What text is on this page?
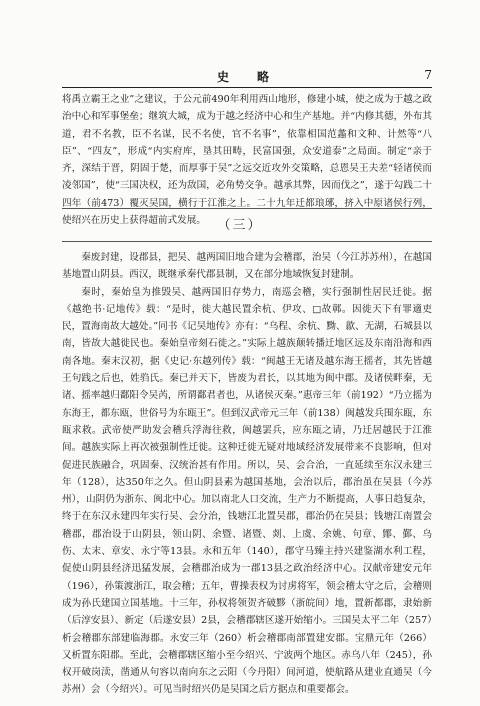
史　略	7

将禹立霸王之业”之建议，于公元前490年利用西山地形，修建小城，使之成为于越之政治中心和军事堡垒；继筑大城，成为于越之经济中心和生产基地。并“内修其德，外布其道，君不名教，臣不名谋，民不名使，官不名事”，依靠相国范蠡和文种、计然等“八臣”、“四友”，形成“内实府库，垦其田畴，民富国强，众安道泰”之局面。制定“亲于齐，深结于晋，阴固于楚，而厚事于吴”之远交近攻外交策略，总恩吴王夫差“轻诸侯而凌邻国”，使“三国决权，还为敌国，必角势交争。越承其弊，因而伐之”，遂于勾践二十四年（前473）覆灭吴国，横行于江淮之上。二十九年迁都琅琊，挤入中原诸侯行列，使绍兴在历史上获得超前式发展。 （三）

秦废封建，设郡县，把吴、越两国旧地合建为会稽郡，治吴（今江苏苏州），在越国基地置山阴县。西汉，既继承秦代郡县制，又在部分地域恢复封建制。

秦时，秦始皇为推毁吴、越两国旧存势力，南巡会稽，实行强制性居民迁徙。据《越绝书·记地传》载：“是时，徙大越民置余杭、伊攻、□故鄣。因徙天下有罪適吏民，置海南故大越处。”同书《记吴地传》亦有：“乌程、余杭、黝、歙、无湖，石城县以南，皆故大越徙民也。秦始皇帝刻石徙之。”实际上越族颠转播迁地区远及东南沿海和西南各地。秦末汉初，据《史记·东越列传》载：“闽越王无诸及越东海王摇者，其先皆越王句践之后也，姓驺氏。秦已并天下，皆废为君长，以其地为闽中郡。及诸侯畔秦，无诸、摇率越归鄱阳令吴芮，所谓鄱君者也，从诸侯灭秦。”惠帝三年（前192）“乃立摇为东海王，都东瓯，世俗号为东瓯王”。但到汉武帝元三年（前138）闽越发兵围东瓯，东瓯求救。武帝使严助发会稽兵浮海往救，闽越罢兵，应东瓯之请，乃迁居越民于江淮间。越族实际上再次被强制性迁徙。这种迁徙无疑对地域经济发展带来不良影响，但对促进民族融合，巩固秦、汉统治甚有作用。所以，吴、会合治，一直延续至东汉永建三年（128），达350年之久。但山阴县素为越国基地，会治以后，郡治虽在吴县（今苏州），山阴仍为浙东、闽北中心。加以南北人口交流，生产力不断提高，人事日趋复杂，终于在东汉永建四年实行吴、会分治，钱塘江北置吴郡，郡治仍在吴县；钱塘江南置会稽郡，郡治设于山阴县，领山阴、余暨、诸暨、剡、上虞、余姚、句章、鄮、鄞、乌伤、太末、章安、永宁等13县。永和五年（140），郡守马臻主持兴建鉴湖水利工程，促使山阴县经济迅猛发展，会稽郡治成为一郡13县之政治经济中心。汉献帝建安元年（196），孙策渡浙江，取会稽；五年，曹操表权为讨虏将军，领会稽太守之后，会稽则成为孙氏建国立国基地。十三年，孙权将领贺齐破黟（浙皖间）地，置新都郡，隶始新（后淳安县）、新定（后遂安县）2县，会稽郡辖区遂开始缩小。三国吴太平二年（257）析会稽郡东部建临海郡。永安三年（260）析会稽郡南部置建安郡。宝鼎元年（266）又析置东阳郡。至此，会稽郡辖区缩小至今绍兴、宁波两个地区。赤乌八年（245），孙权开破岗渎，凿通从句容以南向东之云阳（今丹阳）间河道，使航路从建业直通吴（今苏州）会（今绍兴）。可见当时绍兴仍是吴国之后方据点和重要都会。
